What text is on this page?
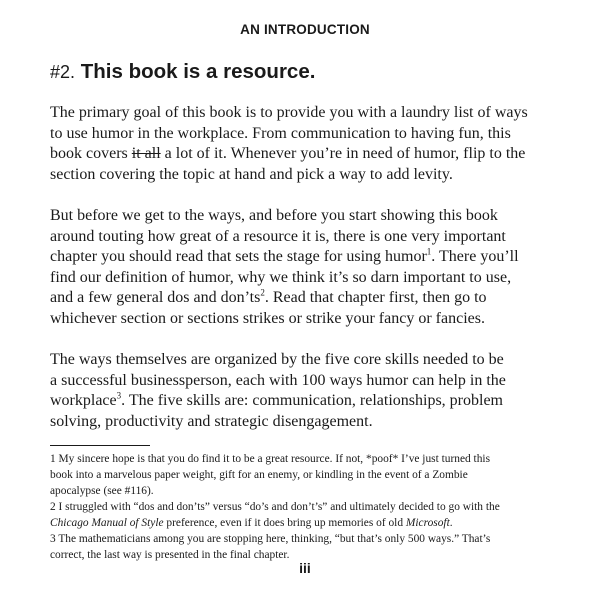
AN INTRODUCTION
#2. This book is a resource.

The primary goal of this book is to provide you with a laundry list of ways
to use humor in the workplace. From communication to having fun, this
book covers it all a lot of it. Whenever you’re in need of humor, flip to the
section covering the topic at hand and pick a way to add levity.

But before we get to the ways, and before you start showing this book
around touting how great of a resource it is, there is one very important
chapter you should read that sets the stage for using humor$^1$. There you’ll
find our definition of humor, why we think it’s so darn important to use,
and a few general dos and $don’ts^2$. Read that chapter first, then go to
whichever section or sections strikes or strike your fancy or fancies.

The ways themselves are organized by the five core skills needed to be
a successful businessperson, each with 100 ways humor can help in the
workplace$^3$. The five skills are: communication, relationships, problem
solving, productivity and strategic disengagement.

1 My sincere hope is that you do find it to be a great resource. If not, *poof* I’ve just turned this
book into a marvelous paper weight, gift for an enemy, or kindling in the event of a Zombie
apocalypse (see #116).
2 I struggled with “dos and don’ts” versus “do’s and don’t’s” and ultimately decided to go with the
Chicago Manual of Style preference, even if it does bring up memories of old Microsoft.
3 The mathematicians among you are stopping here, thinking, “but that’s only 500 ways.” That’s
correct, the last way is presented in the final chapter.
iii
